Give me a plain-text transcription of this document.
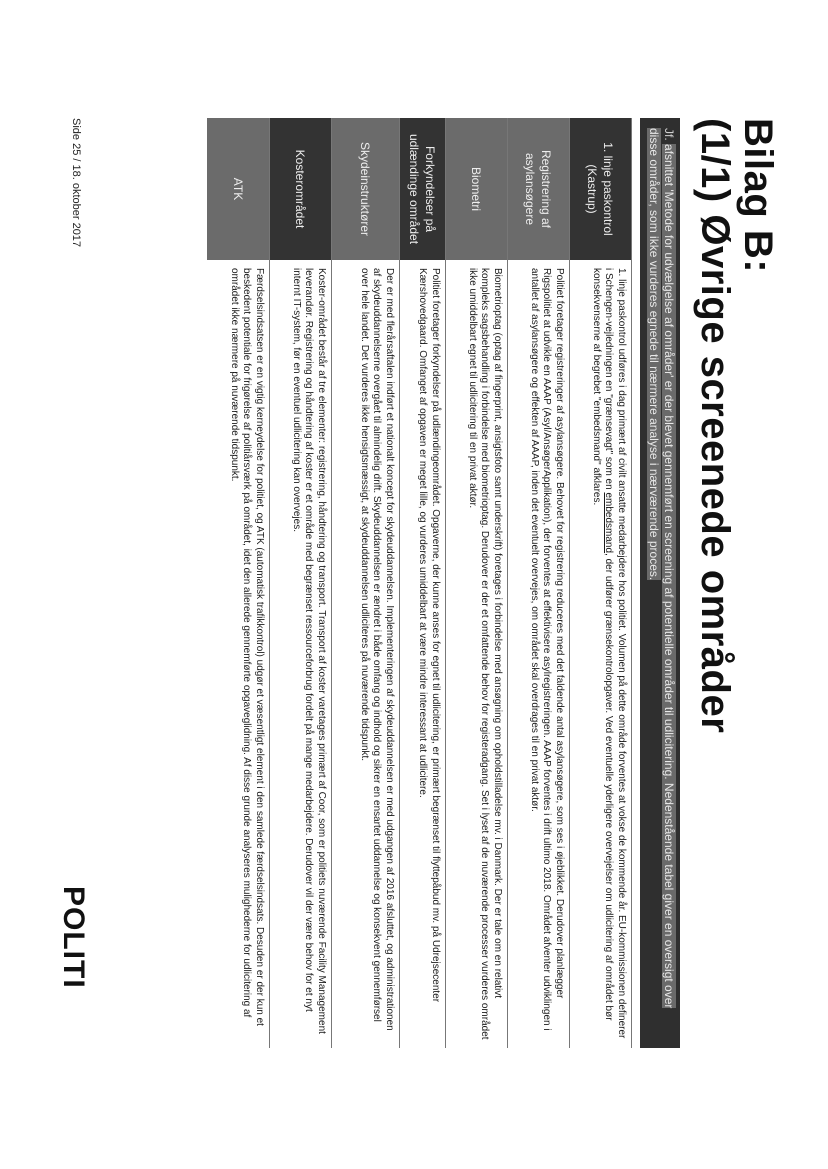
Bilag B:
(1/1) Øvrige screenede områder
Jf. afsnittet 'Metode for udvælgelse af områder' er der blevet gennemført en screening af potentielle områder til udlicitering. Nedenstående tabel giver en oversigt over disse områder, som ikke vurderes egnede til nærmere analyse i nærværende proces.
1. linje paskontrol (Kastrup)	1. linje paskontrol udføres i dag primært af civilt ansatte medarbejdere hos politiet. Volumen på dette område forventes at vokse de kommende år. EU-kommissionen definerer i Schengen-vejledningen en "grænsevagt" som en embedsmand, der udfører grænsekontrolopgaver. Ved eventuelle yderligere overvejelser om udlicitering af området bør konsekvenserne af begrebet "embedsmand" afklares.
Registrering af asylansøgere	Politiet foretager registreringer af asylansøgere. Behovet for registrering reduceres med det faldende antal asylansøgere, som ses i øjeblikket. Derudover planlægger Rigspolitiet at udvikle en AAAP (Asyl/AnsøgerApplikation), der forventes at effektivisere asylregistreringen. AAAP forventes i drift ultimo 2018. Området afventer udviklingen i antallet af asylansøgere og effekten af AAAP, inden det eventuelt overvejes, om området skal overdrages til en privat aktør.
Biometri	Biometrioptag (optag af fingerprint, ansigtsfoto samt underskrift) foretages i forbindelse med ansøgning om opholdstilladelse mv. i Danmark. Der er tale om en relativt kompleks sagsbehandling i forbindelse med biometrioptag. Derudover er der et omfattende behov for registeradgang. Set i lyset af de nuværende processer vurderes området ikke umiddelbart egnet til udlicitering til en privat aktør.
Forkyndelser på udlændinge området	Politiet foretager forkyndelser på udlændingeområdet. Opgaverne, der kunne anses for egnet til udlicitering, er primært begrænset til flyttepåbud mv. på Udrejsecenter Kærshovedgaard. Omfanget af opgaven er meget lille, og vurderes umiddelbart at være mindre interessant at udlicitere.
Skydeinstruktører	Der er med flerårsaftalen indført et nationalt koncept for skydeuddannelsen. Implementeringen af skydeuddannelsen er med udgangen af 2016 afsluttet, og administrationen af skydeuddannelserne overgået til almindelig drift. Skydeuddannelsen er ændret i både omfang og indhold og sikrer en ensartet uddannelse og konsekvent gennemførsel over hele landet. Det vurderes ikke hensigtsmæssigt, at skydeuddannelsen udliciteres på nuværende tidspunkt.
Kosterområdet	Koster-området består af tre elementer: registrering, håndtering og transport. Transport af koster varetages primært af Coor, som er politiets nuværende Facility Management leverandør. Registrering og håndtering af koster er et område med begrænset ressourceforbrug fordelt på mange medarbejdere. Derudover vil der være behov for et nyt internt IT-system, før en eventuel udlicitering kan overvejes.
ATK	Færdselsindsatsen er en vigtig kerneydelse for politiet, og ATK (automatisk trafikkontrol) udgør et væsentligt element i den samlede færdselsindsats. Desuden er der kun et beskedent potentiale for frigørelse af politiårsværk på området, idet den allerede gennemførte opgaveglidning. Af disse grunde analyseres mulighederne for udlicitering af området ikke nærmere på nuværende tidspunkt.
Side 25 / 18. oktober 2017
POLITI
